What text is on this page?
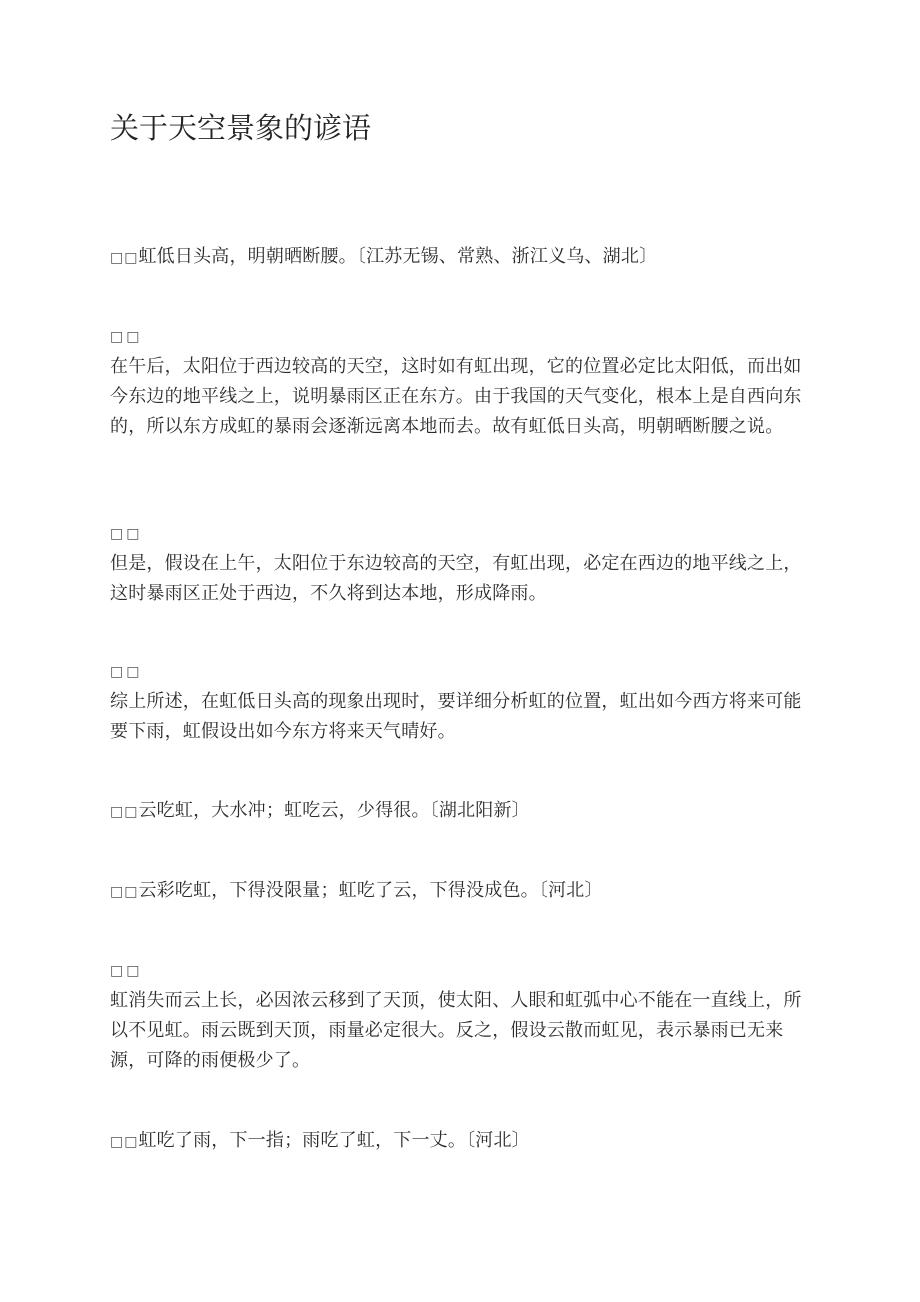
关于天空景象的谚语
□□虹低日头高，明朝晒断腰。〔江苏无锡、常熟、浙江义乌、湖北〕
□□
在午后，太阳位于西边较高的天空，这时如有虹出现，它的位置必定比太阳低，而出如今东边的地平线之上，说明暴雨区正在东方。由于我国的天气变化，根本上是自西向东的，所以东方成虹的暴雨会逐渐远离本地而去。故有虹低日头高，明朝晒断腰之说。
□□
但是，假设在上午，太阳位于东边较高的天空，有虹出现，必定在西边的地平线之上，这时暴雨区正处于西边，不久将到达本地，形成降雨。
□□
综上所述，在虹低日头高的现象出现时，要详细分析虹的位置，虹出如今西方将来可能要下雨，虹假设出如今东方将来天气晴好。
□□云吃虹，大水冲；虹吃云，少得很。〔湖北阳新〕
□□云彩吃虹，下得没限量；虹吃了云，下得没成色。〔河北〕
□□
虹消失而云上长，必因浓云移到了天顶，使太阳、人眼和虹弧中心不能在一直线上，所以不见虹。雨云既到天顶，雨量必定很大。反之，假设云散而虹见，表示暴雨已无来源，可降的雨便极少了。
□□虹吃了雨，下一指；雨吃了虹，下一丈。〔河北〕
